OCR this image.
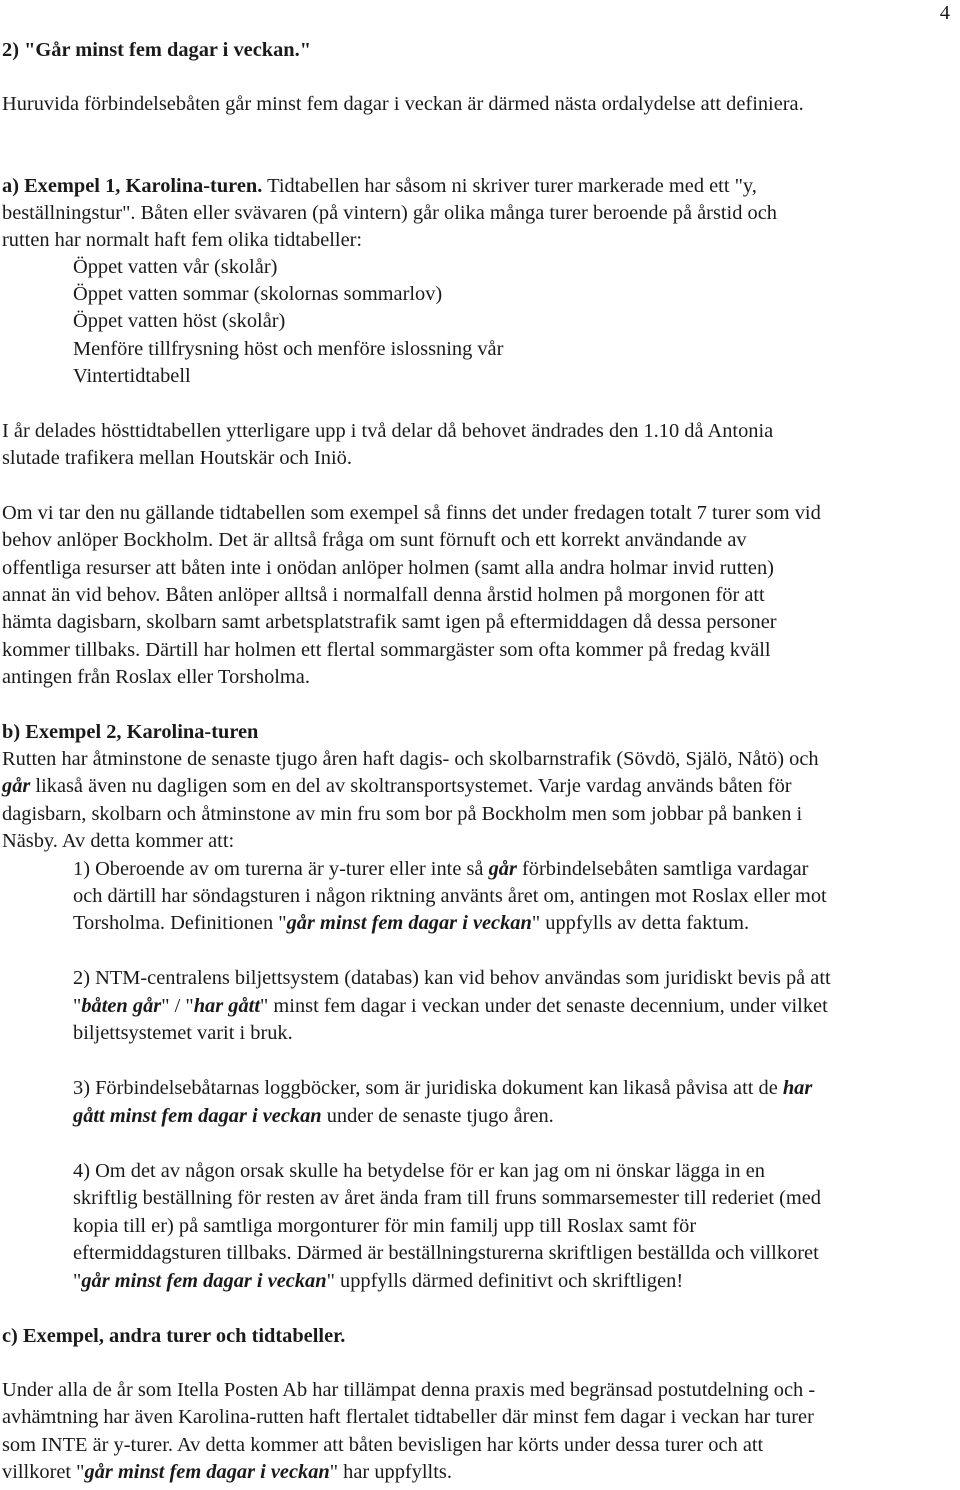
4

2) "Går minst fem dagar i veckan."

Huruvida förbindelsebåten går minst fem dagar i veckan är därmed nästa ordalydelse att definiera.

a) Exempel 1, Karolina-turen. Tidtabellen har såsom ni skriver turer markerade med ett "y,

beställningstur". Båten eller svävaren (på vintern) går olika många turer beroende på årstid och

rutten har normalt haft fem olika tidtabeller:

Öppet vatten vår (skolår)

Öppet vatten sommar (skolornas sommarlov)

Öppet vatten höst (skolår)

Menföre tillfrysning höst och menföre islossning vår

Vintertidtabell

I år delades hösttidtabellen ytterligare upp i två delar då behovet ändrades den 1.10 då Antonia

slutade trafikera mellan Houtskär och Iniö.

Om vi tar den nu gällande tidtabellen som exempel så finns det under fredagen totalt 7 turer som vid

behov anlöper Bockholm. Det är alltså fråga om sunt förnuft och ett korrekt användande av

offentliga resurser att båten inte i onödan anlöper holmen (samt alla andra holmar invid rutten)

annat än vid behov. Båten anlöper alltså i normalfall denna årstid holmen på morgonen för att

hämta dagisbarn, skolbarn samt arbetsplatstrafik samt igen på eftermiddagen då dessa personer

kommer tillbaks. Därtill har holmen ett flertal sommargäster som ofta kommer på fredag kväll

antingen från Roslax eller Torsholma.

b) Exempel 2, Karolina-turen

Rutten har åtminstone de senaste tjugo åren haft dagis- och skolbarnstrafik (Sövdö, Själö, Nåtö) och

går likaså även nu dagligen som en del av skoltransportsystemet. Varje vardag används båten för

dagisbarn, skolbarn och åtminstone av min fru som bor på Bockholm men som jobbar på banken i

Näsby. Av detta kommer att:

1) Oberoende av om turerna är y-turer eller inte så går förbindelsebåten samtliga vardagar

och därtill har söndagsturen i någon riktning använts året om, antingen mot Roslax eller mot

Torsholma. Definitionen "går minst fem dagar i veckan" uppfylls av detta faktum.

2) NTM-centralens biljettsystem (databas) kan vid behov användas som juridiskt bevis på att

"båten går" / "har gått" minst fem dagar i veckan under det senaste decennium, under vilket

biljettsystemet varit i bruk.

3) Förbindelsebåtarnas loggböcker, som är juridiska dokument kan likaså påvisa att de har

gått minst fem dagar i veckan under de senaste tjugo åren.

4) Om det av någon orsak skulle ha betydelse för er kan jag om ni önskar lägga in en

skriftlig beställning för resten av året ända fram till fruns sommarsemester till rederiet (med

kopia till er) på samtliga morgonturer för min familj upp till Roslax samt för

eftermiddagsturen tillbaks. Därmed är beställningsturerna skriftligen beställda och villkoret

"går minst fem dagar i veckan" uppfylls därmed definitivt och skriftligen!

c) Exempel, andra turer och tidtabeller.

Under alla de år som Itella Posten Ab har tillämpat denna praxis med begränsad postutdelning och -

avhämtning har även Karolina-rutten haft flertalet tidtabeller där minst fem dagar i veckan har turer

som INTE är y-turer. Av detta kommer att båten bevisligen har körts under dessa turer och att

villkoret "går minst fem dagar i veckan" har uppfyllts.
